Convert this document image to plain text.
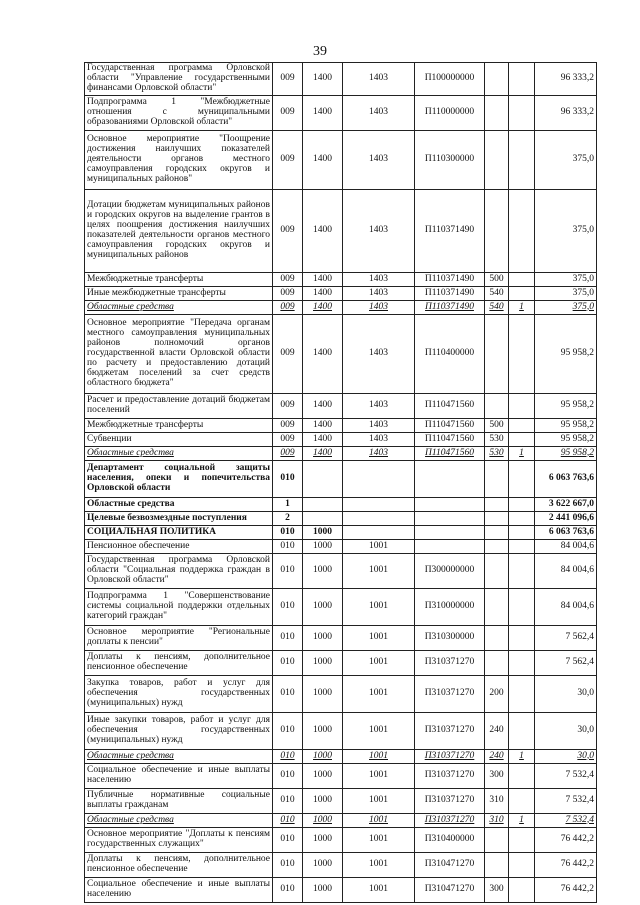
39
Государственная программа Орловской области "Управление государственными финансами Орловской области"	009	1400	1403	П100000000			96 333,2
Подпрограмма 1 "Межбюджетные отношения с муниципальными образованиями Орловской области"	009	1400	1403	П110000000			96 333,2
Основное мероприятие "Поощрение достижения наилучших показателей деятельности органов местного самоуправления городских округов и муниципальных районов"	009	1400	1403	П110300000			375,0
Дотации бюджетам муниципальных районов и городских округов на выделение грантов в целях поощрения достижения наилучших показателей деятельности органов местного самоуправления городских округов и муниципальных районов	009	1400	1403	П110371490			375,0
Межбюджетные трансферты	009	1400	1403	П110371490	500		375,0
Иные межбюджетные трансферты	009	1400	1403	П110371490	540		375,0
Областные средства	009	1400	1403	П110371490	540	1	375,0
Основное мероприятие "Передача органам местного самоуправления муниципальных районов полномочий органов государственной власти Орловской области по расчету и предоставлению дотаций бюджетам поселений за счет средств областного бюджета"	009	1400	1403	П110400000			95 958,2
Расчет и предоставление дотаций бюджетам поселений	009	1400	1403	П110471560			95 958,2
Межбюджетные трансферты	009	1400	1403	П110471560	500		95 958,2
Субвенции	009	1400	1403	П110471560	530		95 958,2
Областные средства	009	1400	1403	П110471560	530	1	95 958,2
Департамент социальной защиты населения, опеки и попечительства Орловской области	010						6 063 763,6
Областные средства	1						3 622 667,0
Целевые безвозмездные поступления	2						2 441 096,6
СОЦИАЛЬНАЯ ПОЛИТИКА	010	1000					6 063 763,6
Пенсионное обеспечение	010	1000	1001				84 004,6
Государственная программа Орловской области "Социальная поддержка граждан в Орловской области"	010	1000	1001	П300000000			84 004,6
Подпрограмма 1 "Совершенствование системы социальной поддержки отдельных категорий граждан"	010	1000	1001	П310000000			84 004,6
Основное мероприятие "Региональные доплаты к пенсии"	010	1000	1001	П310300000			7 562,4
Доплаты к пенсиям, дополнительное пенсионное обеспечение	010	1000	1001	П310371270			7 562,4
Закупка товаров, работ и услуг для обеспечения государственных (муниципальных) нужд	010	1000	1001	П310371270	200		30,0
Иные закупки товаров, работ и услуг для обеспечения государственных (муниципальных) нужд	010	1000	1001	П310371270	240		30,0
Областные средства	010	1000	1001	П310371270	240	1	30,0
Социальное обеспечение и иные выплаты населению	010	1000	1001	П310371270	300		7 532,4
Публичные нормативные социальные выплаты гражданам	010	1000	1001	П310371270	310		7 532,4
Областные средства	010	1000	1001	П310371270	310	1	7 532,4
Основное мероприятие "Доплаты к пенсиям государственных служащих"	010	1000	1001	П310400000			76 442,2
Доплаты к пенсиям, дополнительное пенсионное обеспечение	010	1000	1001	П310471270			76 442,2
Социальное обеспечение и иные выплаты населению	010	1000	1001	П310471270	300		76 442,2
